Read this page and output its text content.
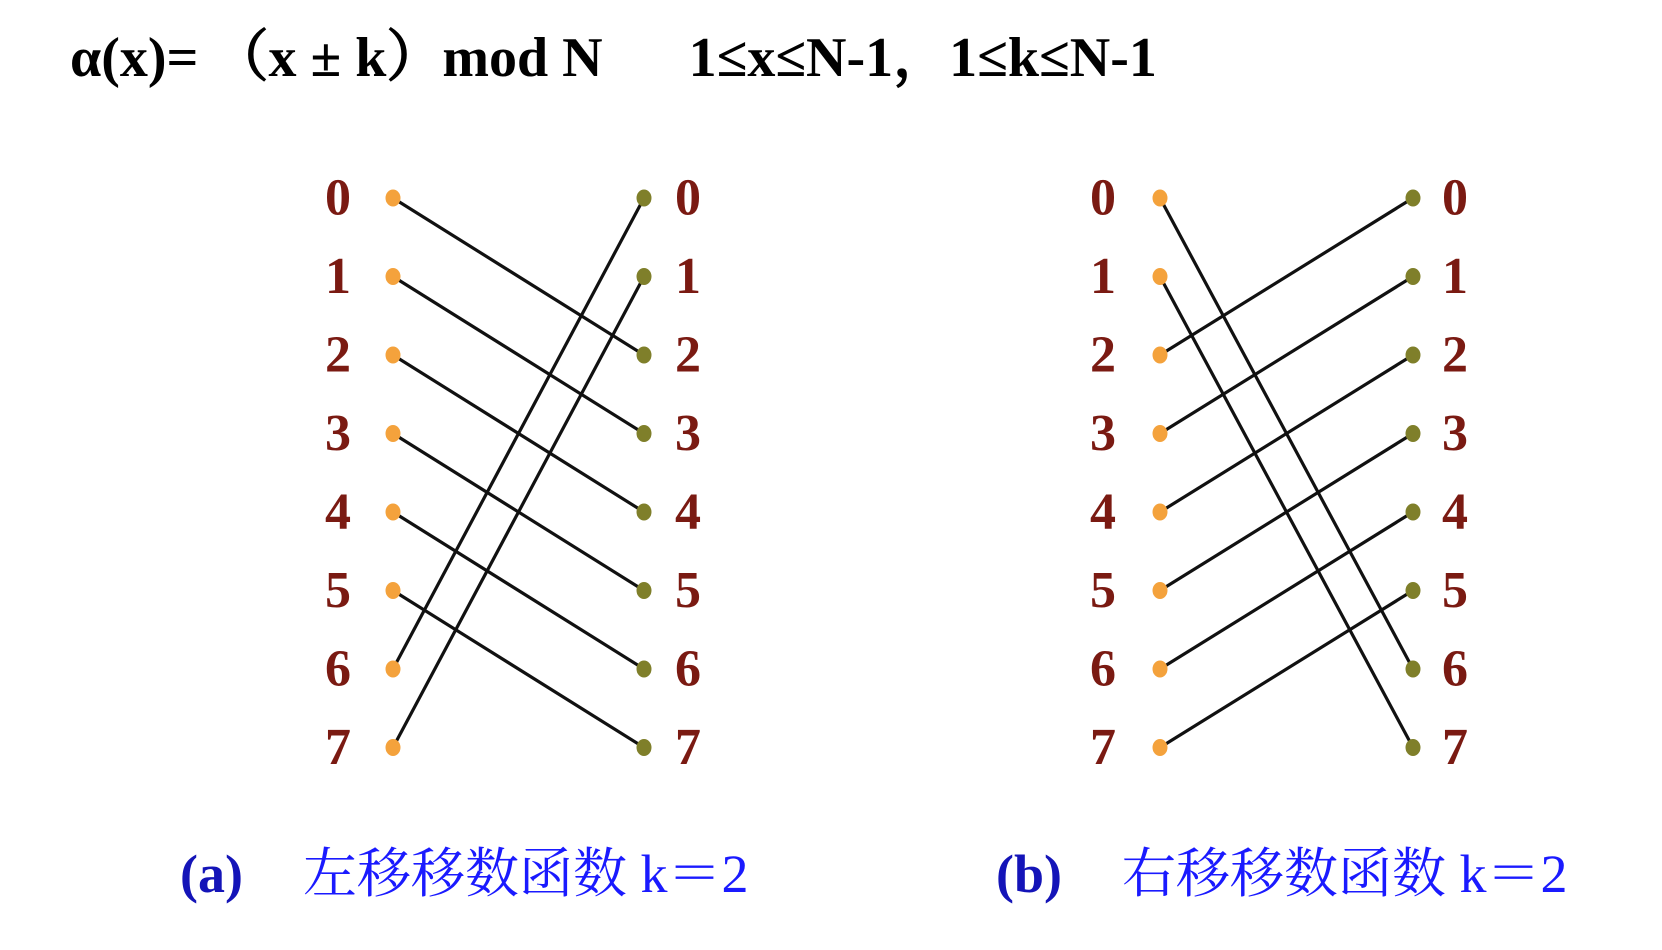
α(x)= （x ± k）mod N 1≤x≤N-1，1≤k≤N-1
0	0
1	1
2	2
3	3
4	4
5	5
6	6
7	7
0	0
1	1
2	2
3	3
4	4
5	5
6	6
7	7
(a) 左移移数函数 k＝2	(b) 右移移数函数 k＝2
